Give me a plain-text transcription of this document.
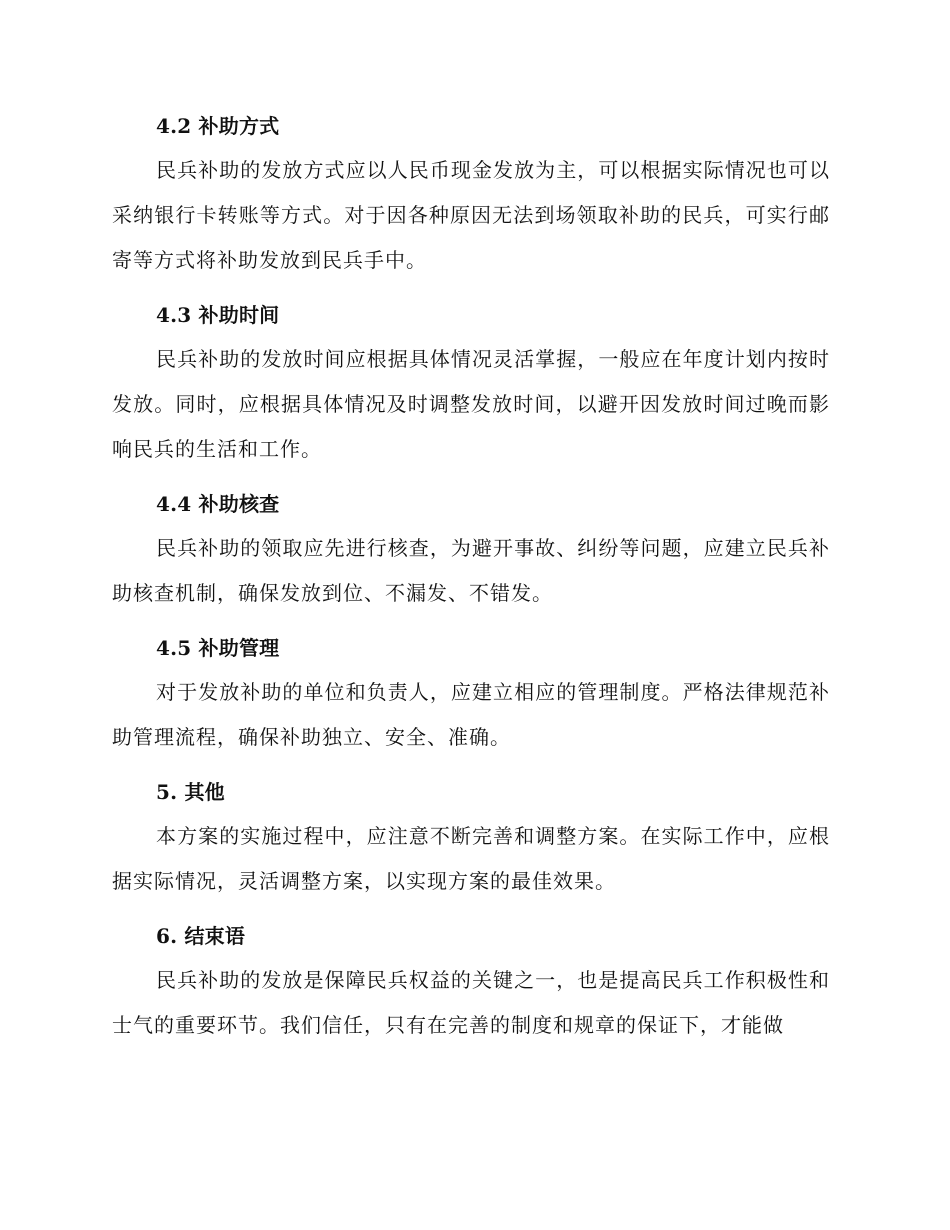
4.2 补助方式

民兵补助的发放方式应以人民币现金发放为主，可以根据实际情况也可以采纳银行卡转账等方式。对于因各种原因无法到场领取补助的民兵，可实行邮寄等方式将补助发放到民兵手中。

4.3 补助时间

民兵补助的发放时间应根据具体情况灵活掌握，一般应在年度计划内按时发放。同时，应根据具体情况及时调整发放时间，以避开因发放时间过晚而影响民兵的生活和工作。

4.4 补助核查

民兵补助的领取应先进行核查，为避开事故、纠纷等问题，应建立民兵补助核查机制，确保发放到位、不漏发、不错发。

4.5 补助管理

对于发放补助的单位和负责人，应建立相应的管理制度。严格法律规范补助管理流程，确保补助独立、安全、准确。

5. 其他

本方案的实施过程中，应注意不断完善和调整方案。在实际工作中，应根据实际情况，灵活调整方案，以实现方案的最佳效果。

6. 结束语

民兵补助的发放是保障民兵权益的关键之一，也是提高民兵工作积极性和士气的重要环节。我们信任，只有在完善的制度和规章的保证下，才能做
